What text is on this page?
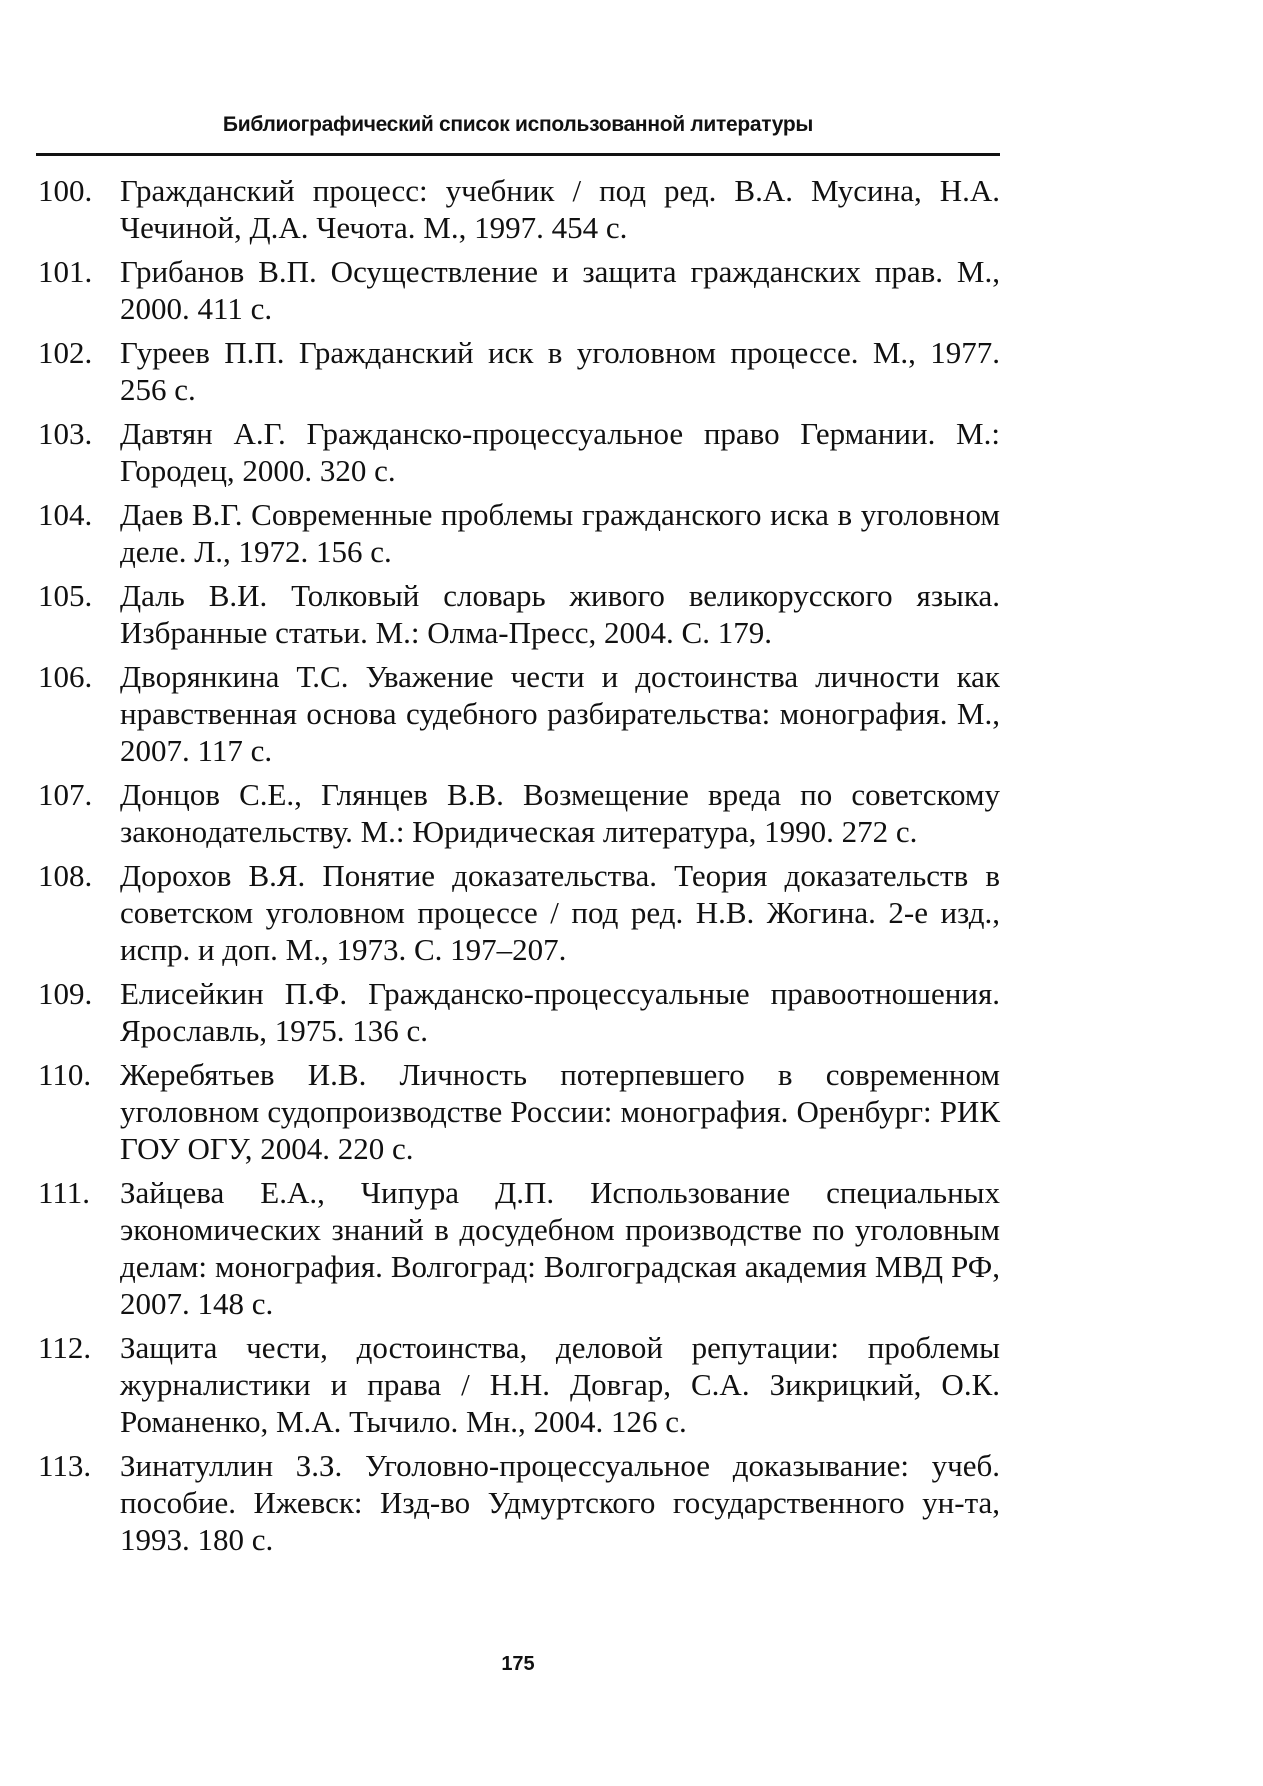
Библиографический список использованной литературы
100. Гражданский процесс: учебник / под ред. В.А. Мусина, Н.А. Чечиной, Д.А. Чечота. М., 1997. 454 с.
101. Грибанов В.П. Осуществление и защита гражданских прав. М., 2000. 411 с.
102. Гуреев П.П. Гражданский иск в уголовном процессе. М., 1977. 256 с.
103. Давтян А.Г. Гражданско-процессуальное право Германии. М.: Городец, 2000. 320 с.
104. Даев В.Г. Современные проблемы гражданского иска в уголовном деле. Л., 1972. 156 с.
105. Даль В.И. Толковый словарь живого великорусского языка. Избранные статьи. М.: Олма-Пресс, 2004. С. 179.
106. Дворянкина Т.С. Уважение чести и достоинства личности как нравственная основа судебного разбирательства: монография. М., 2007. 117 с.
107. Донцов С.Е., Глянцев В.В. Возмещение вреда по советскому законодательству. М.: Юридическая литература, 1990. 272 с.
108. Дорохов В.Я. Понятие доказательства. Теория доказательств в советском уголовном процессе / под ред. Н.В. Жогина. 2-е изд., испр. и доп. М., 1973. С. 197–207.
109. Елисейкин П.Ф. Гражданско-процессуальные правоотношения. Ярославль, 1975. 136 с.
110. Жеребятьев И.В. Личность потерпевшего в современном уголовном судопроизводстве России: монография. Оренбург: РИК ГОУ ОГУ, 2004. 220 с.
111. Зайцева Е.А., Чипура Д.П. Использование специальных экономических знаний в досудебном производстве по уголовным делам: монография. Волгоград: Волгоградская академия МВД РФ, 2007. 148 с.
112. Защита чести, достоинства, деловой репутации: проблемы журналистики и права / Н.Н. Довгар, С.А. Зикрицкий, О.К. Романенко, М.А. Тычило. Мн., 2004. 126 с.
113. Зинатуллин З.З. Уголовно-процессуальное доказывание: учеб. пособие. Ижевск: Изд-во Удмуртского государственного ун-та, 1993. 180 с.
175
